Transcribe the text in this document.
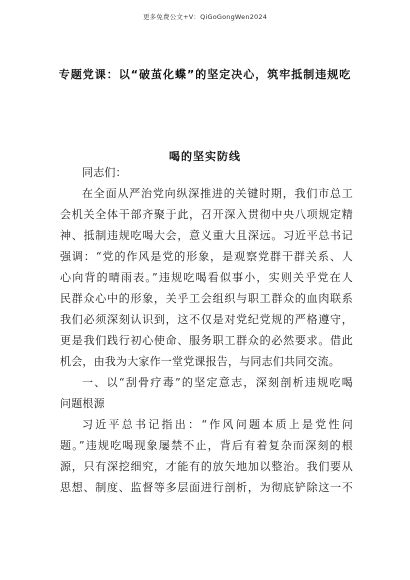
更多免费公文+V：QiGoGongWen2024
专题党课：以“破茧化蝶”的坚定决心，筑牢抵制违规吃
喝的坚实防线
同志们：
在全面从严治党向纵深推进的关键时期，我们市总工
会机关全体干部齐聚于此，召开深入贯彻中央八项规定精
神、抵制违规吃喝大会，意义重大且深远。习近平总书记
强调：“党的作风是党的形象，是观察党群干群关系、人
心向背的晴雨表。”违规吃喝看似事小，实则关乎党在人
民群众心中的形象，关乎工会组织与职工群众的血肉联系
我们必须深刻认识到，这不仅是对党纪党规的严格遵守，
更是我们践行初心使命、服务职工群众的必然要求。借此
机会，由我为大家作一堂党课报告，与同志们共同交流。
一、以“刮骨疗毒”的坚定意志，深刻剖析违规吃喝
问题根源
习近平总书记指出：“作风问题本质上是党性问
题。”违规吃喝现象屡禁不止，背后有着复杂而深刻的根
源，只有深挖细究，才能有的放矢地加以整治。我们要从
思想、制度、监督等多层面进行剖析，为彻底铲除这一不
